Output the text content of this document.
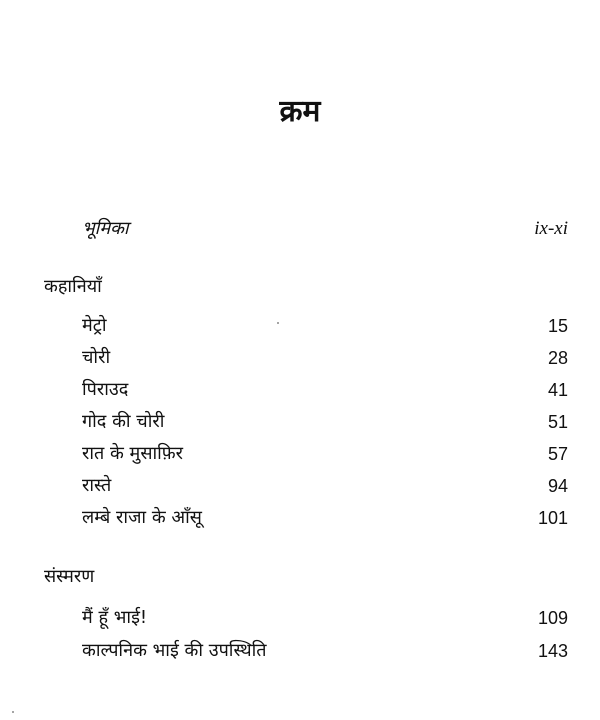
क्रम
भूमिका	ix-xi
कहानियाँ
मेट्रो	15
चोरी	28
पिराउद	41
गोद की चोरी	51
रात के मुसाफ़िर	57
रास्ते	94
लम्बे राजा के आँसू	101
संस्मरण
मैं हूँ भाई!	109
काल्पनिक भाई की उपस्थिति	143
